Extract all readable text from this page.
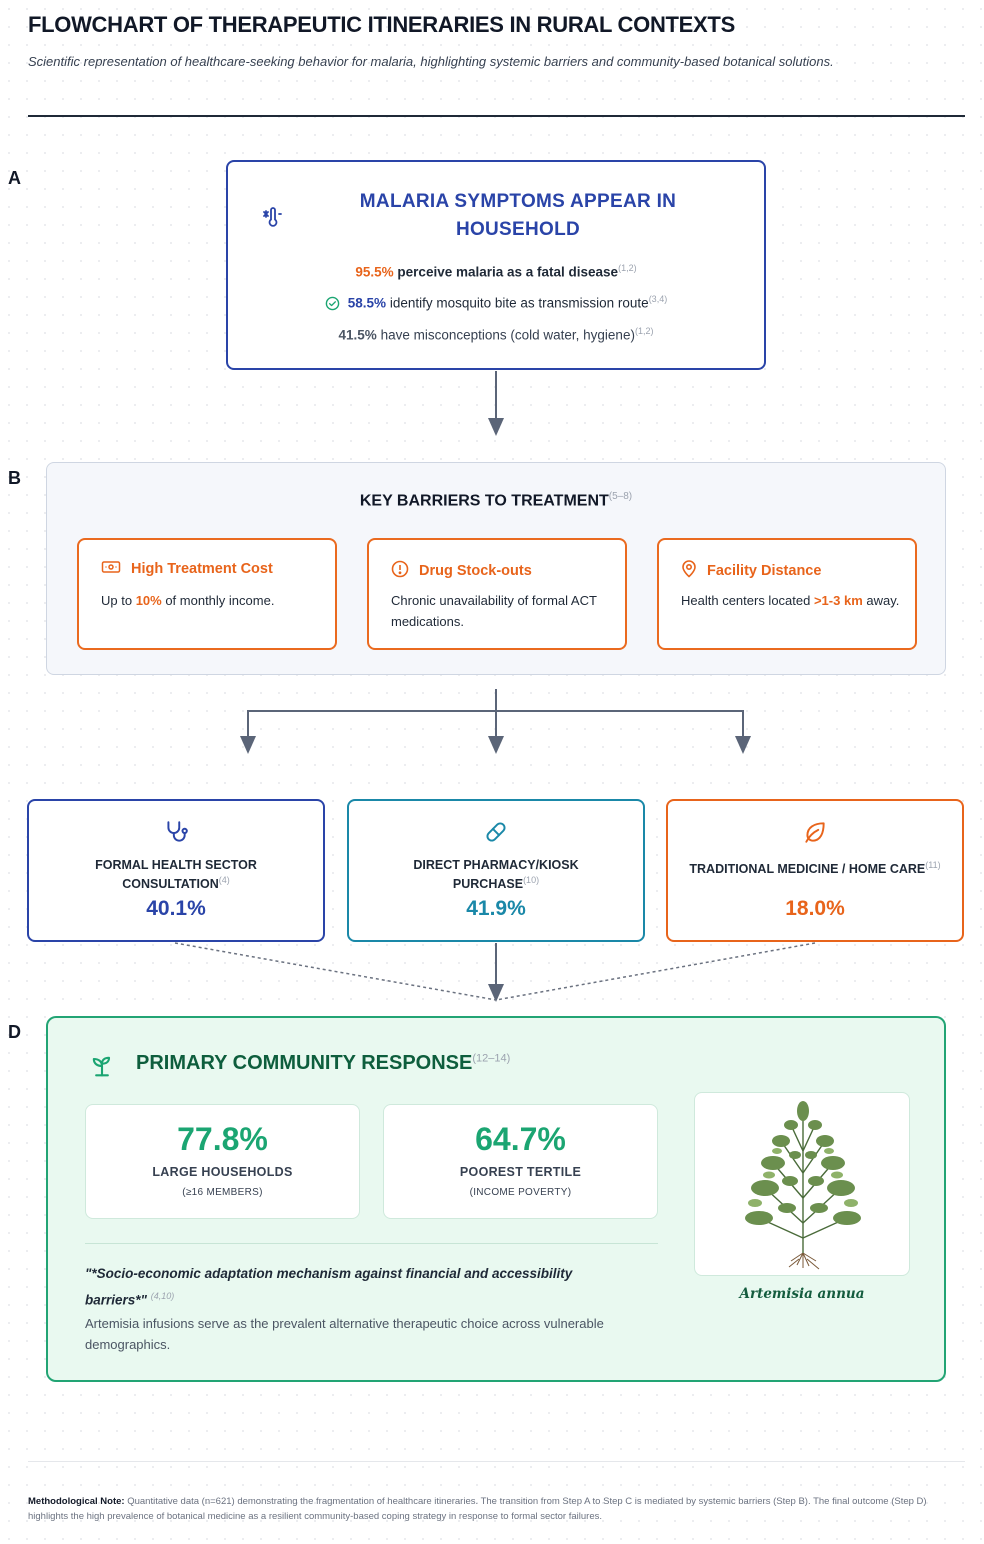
FLOWCHART OF THERAPEUTIC ITINERARIES IN RURAL CONTEXTS
Scientific representation of healthcare-seeking behavior for malaria, highlighting systemic barriers and community-based botanical solutions.
A
B
D
MALARIA SYMPTOMS APPEAR IN HOUSEHOLD
95.5% perceive malaria as a fatal disease$^{(1,2)}$
58.5% identify mosquito bite as transmission route$^{(3,4)}$
41.5% have misconceptions (cold water, hygiene)$^{(1,2)}$
KEY BARRIERS TO TREATMENT$^{(5-8)}$
High Treatment Cost
Up to 10% of monthly income.
Drug Stock-outs
Chronic unavailability of formal ACT medications.
Facility Distance
Health centers located >1-3 km away.
FORMAL HEALTH SECTOR CONSULTATION$^{(4)}$
40.1%
DIRECT PHARMACY/KIOSK PURCHASE$^{(10)}$
41.9%
TRADITIONAL MEDICINE / HOME CARE$^{(11)}$
18.0%
PRIMARY COMMUNITY RESPONSE$^{(12-14)}$
77.8%
LARGE HOUSEHOLDS
(≥16 MEMBERS)
64.7%
POOREST TERTILE
(INCOME POVERTY)
"*Socio-economic adaptation mechanism against financial and accessibility barriers*" $^{(4,10)}$
Artemisia infusions serve as the prevalent alternative therapeutic choice across vulnerable demographics.
Artemisia annua
Methodological Note: Quantitative data (n=621) demonstrating the fragmentation of healthcare itineraries. The transition from Step A to Step C is mediated by systemic barriers (Step B). The final outcome (Step D) highlights the high prevalence of botanical medicine as a resilient community-based coping strategy in response to formal sector failures.
